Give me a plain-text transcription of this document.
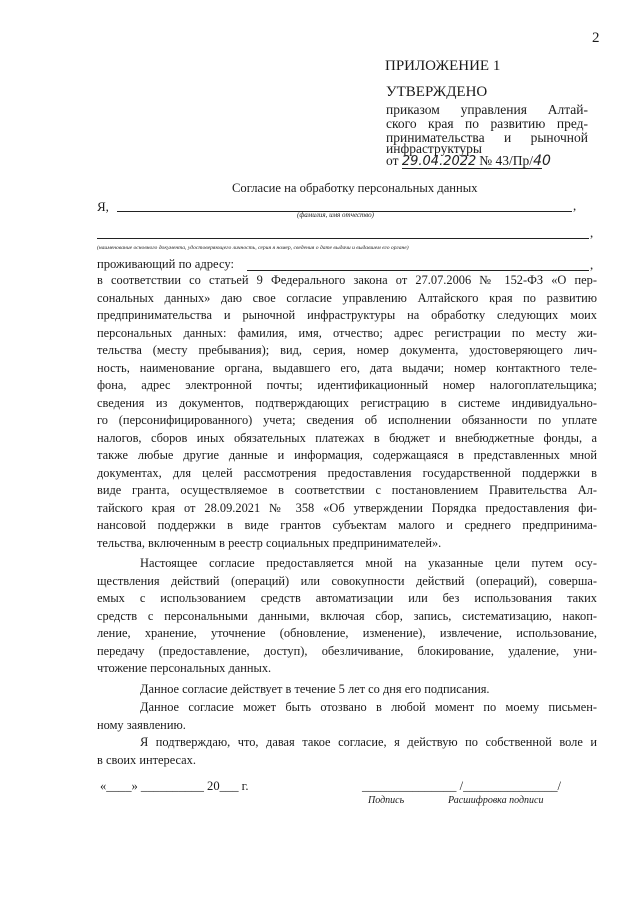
2
ПРИЛОЖЕНИЕ 1
УТВЕРЖДЕНО
приказом управления Алтай-
ского края по развитию пред-
принимательства и рыночной
инфраструктуры
от 29.04.2022 № 43/Пр/40
Согласие на обработку персональных данных
Я,	,
(фамилия, имя отчество)
,
(наименование основного документа, удостоверяющего личность, серия я номер, сведения о дате выдачи и выдавшем его органе)
проживающий по адресу:	,
в соответствии со статьей 9 Федерального закона от 27.07.2006 № 152-ФЗ «О пер-
сональных данных» даю свое согласие управлению Алтайского края по развитию
предпринимательства и рыночной инфраструктуры на обработку следующих моих
персональных данных: фамилия, имя, отчество; адрес регистрации по месту жи-
тельства (месту пребывания); вид, серия, номер документа, удостоверяющего лич-
ность, наименование органа, выдавшего его, дата выдачи; номер контактного теле-
фона, адрес электронной почты; идентификационный номер налогоплательщика;
сведения из документов, подтверждающих регистрацию в системе индивидуально-
го (персонифицированного) учета; сведения об исполнении обязанности по уплате
налогов, сборов иных обязательных платежах в бюджет и внебюджетные фонды, а
также любые другие данные и информация, содержащаяся в представленных мной
документах, для целей рассмотрения предоставления государственной поддержки в
виде гранта, осуществляемое в соответствии с постановлением Правительства Ал-
тайского края от 28.09.2021 № 358 «Об утверждении Порядка предоставления фи-
нансовой поддержки в виде грантов субъектам малого и среднего предпринима-
тельства, включенным в реестр социальных предпринимателей».
Настоящее согласие предоставляется мной на указанные цели путем осу-
ществления действий (операций) или совокупности действий (операций), соверша-
емых с использованием средств автоматизации или без использования таких
средств с персональными данными, включая сбор, запись, систематизацию, накоп-
ление, хранение, уточнение (обновление, изменение), извлечение, использование,
передачу (предоставление, доступ), обезличивание, блокирование, удаление, уни-
чтожение персональных данных.
Данное согласие действует в течение 5 лет со дня его подписания.
Данное согласие может быть отозвано в любой момент по моему письмен-
ному заявлению.
Я подтверждаю, что, давая такое согласие, я действую по собственной воле и
в своих интересах.
«____» __________ 20___ г.	_______________ /_______________/
Подпись	Расшифровка подписи
